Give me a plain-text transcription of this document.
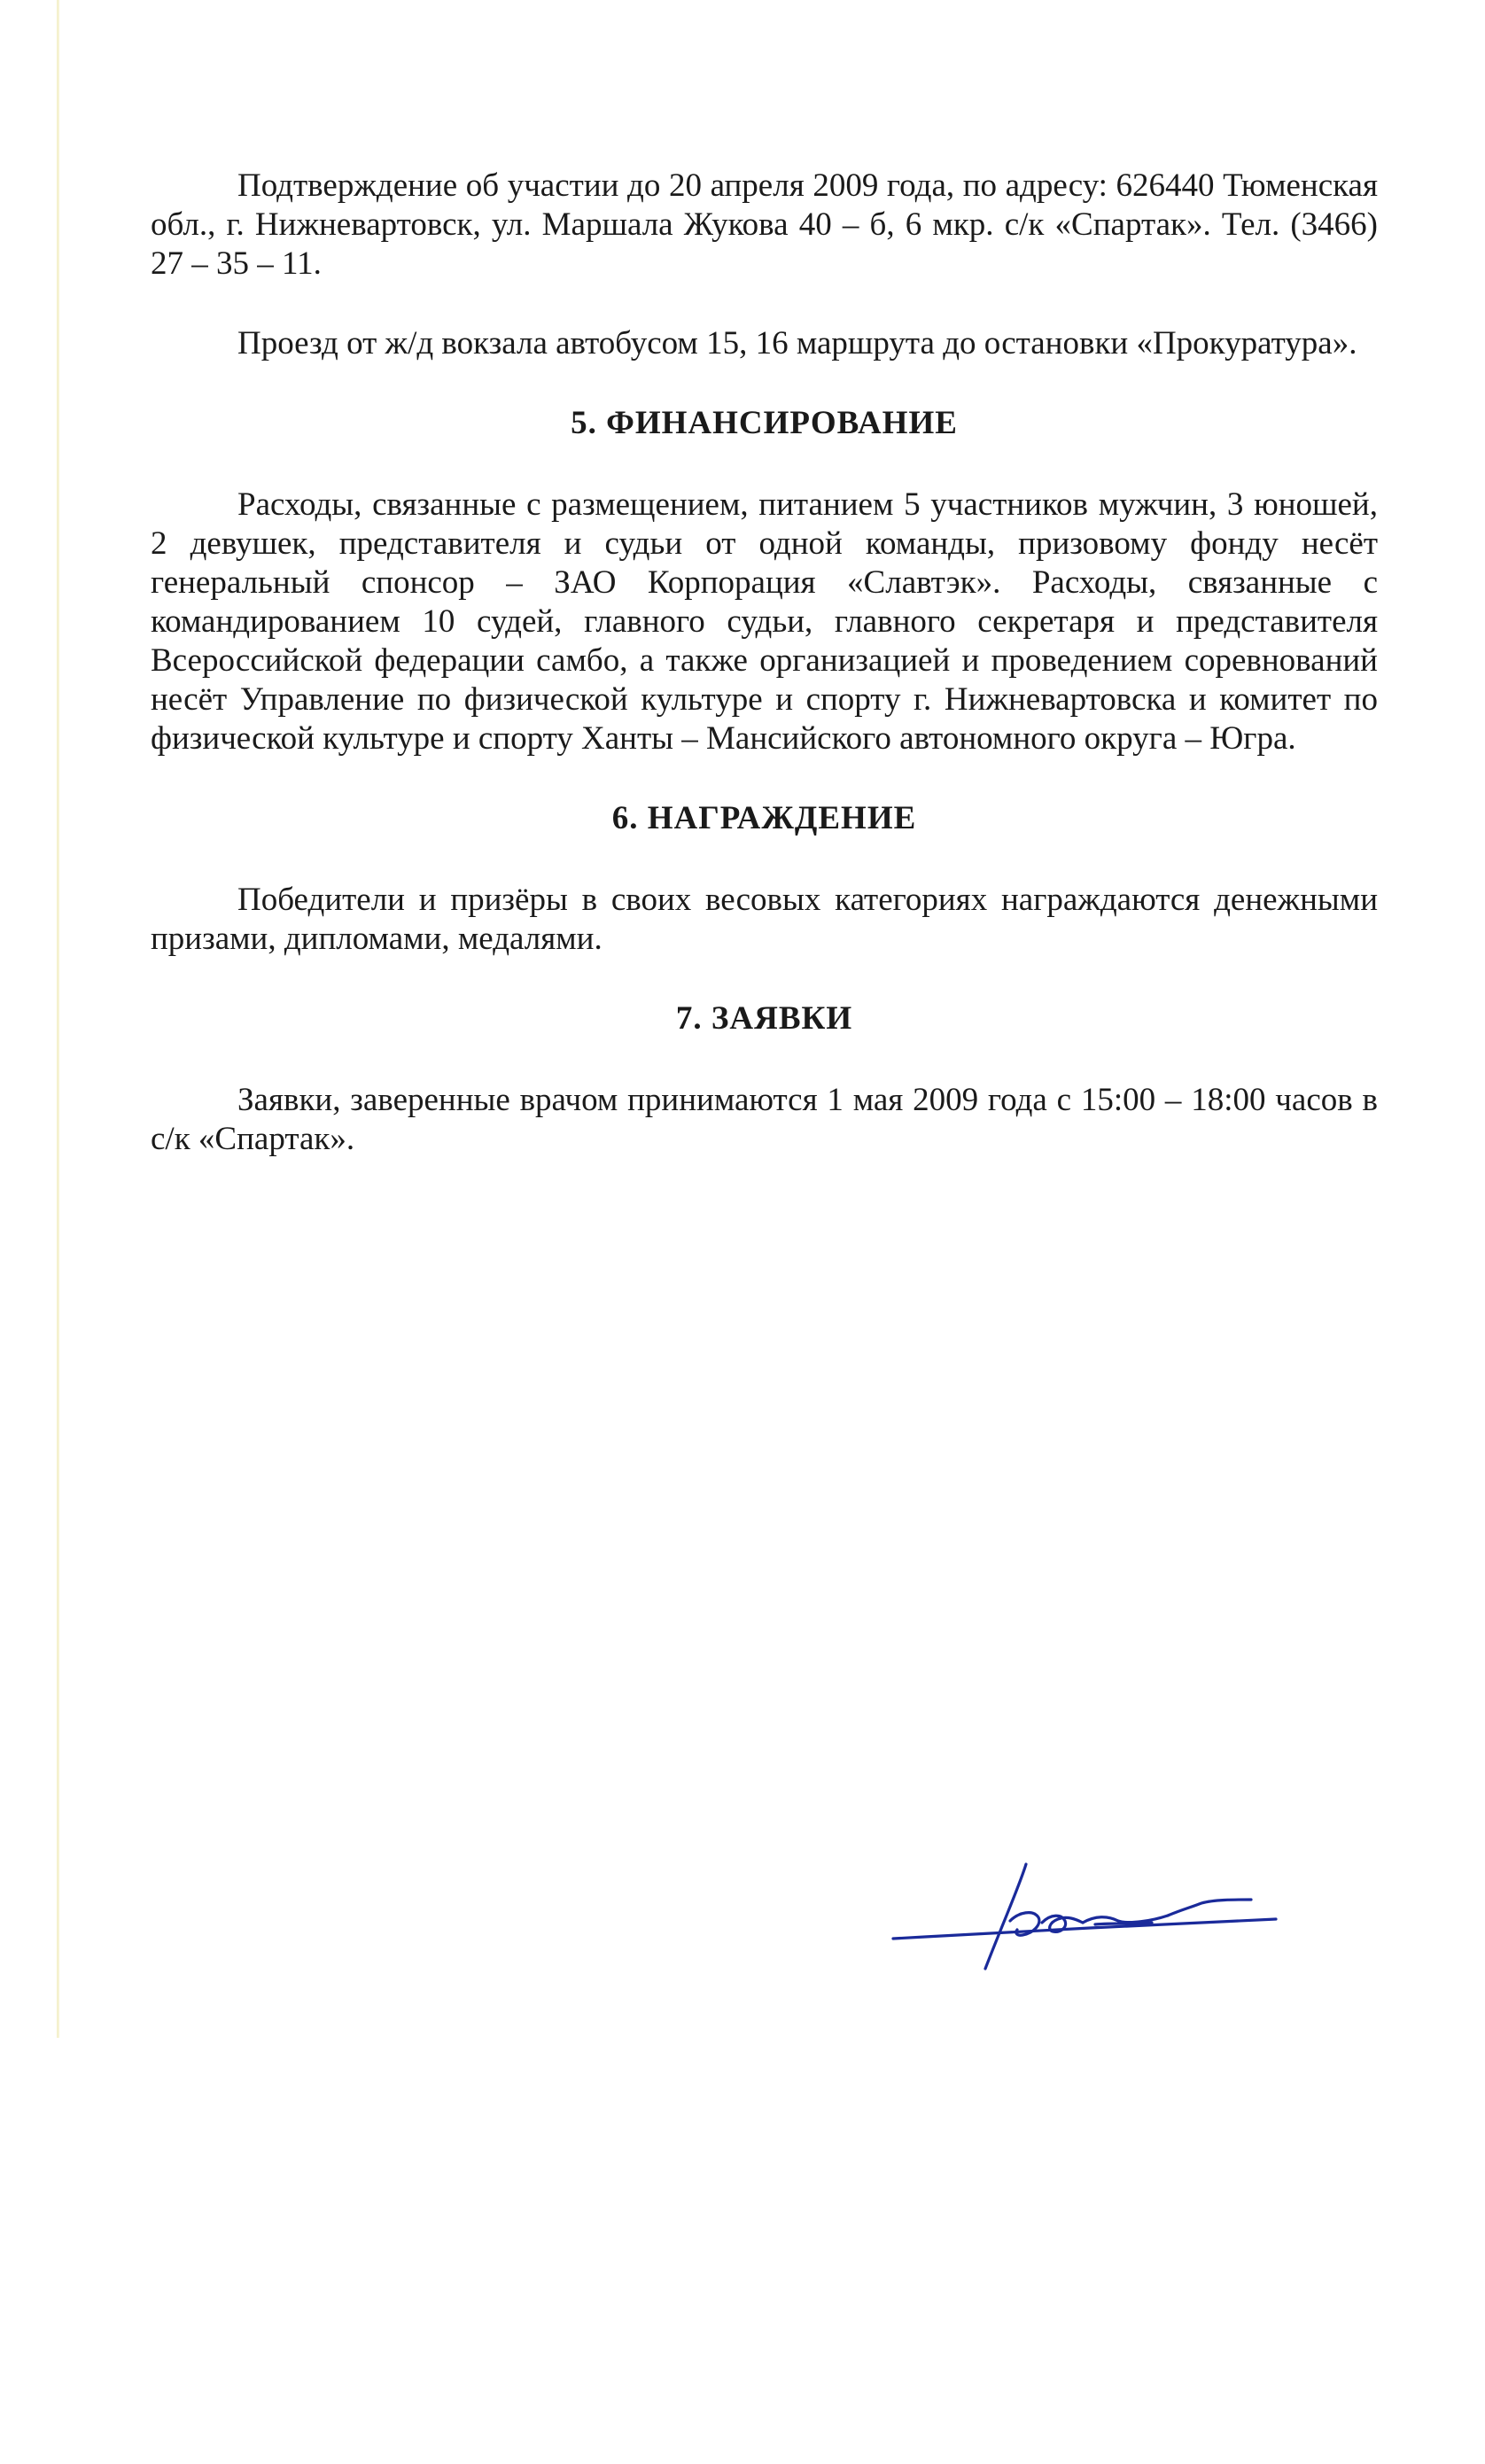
Подтверждение об участии до 20 апреля 2009 года, по адресу: 626440 Тюменская обл., г. Нижневартовск, ул. Маршала Жукова 40 – б, 6 мкр. с/к «Спартак». Тел. (3466) 27 – 35 – 11.

Проезд от ж/д вокзала автобусом 15, 16 маршрута до остановки «Прокуратура».

5. ФИНАНСИРОВАНИЕ

Расходы, связанные с размещением, питанием 5 участников мужчин, 3 юношей, 2 девушек, представителя и судьи от одной команды, призовому фонду несёт генеральный спонсор – ЗАО Корпорация «Славтэк». Расходы, связанные с командированием 10 судей, главного судьи, главного секретаря и представителя Всероссийской федерации самбо, а также организацией и проведением соревнований несёт Управление по физической культуре и спорту г. Нижневартовска и комитет по физической культуре и спорту Ханты – Мансийского автономного округа – Югра.

6. НАГРАЖДЕНИЕ

Победители и призёры в своих весовых категориях награждаются денежными призами, дипломами, медалями.

7. ЗАЯВКИ

Заявки, заверенные врачом принимаются 1 мая 2009 года с 15:00 – 18:00 часов в с/к «Спартак».
